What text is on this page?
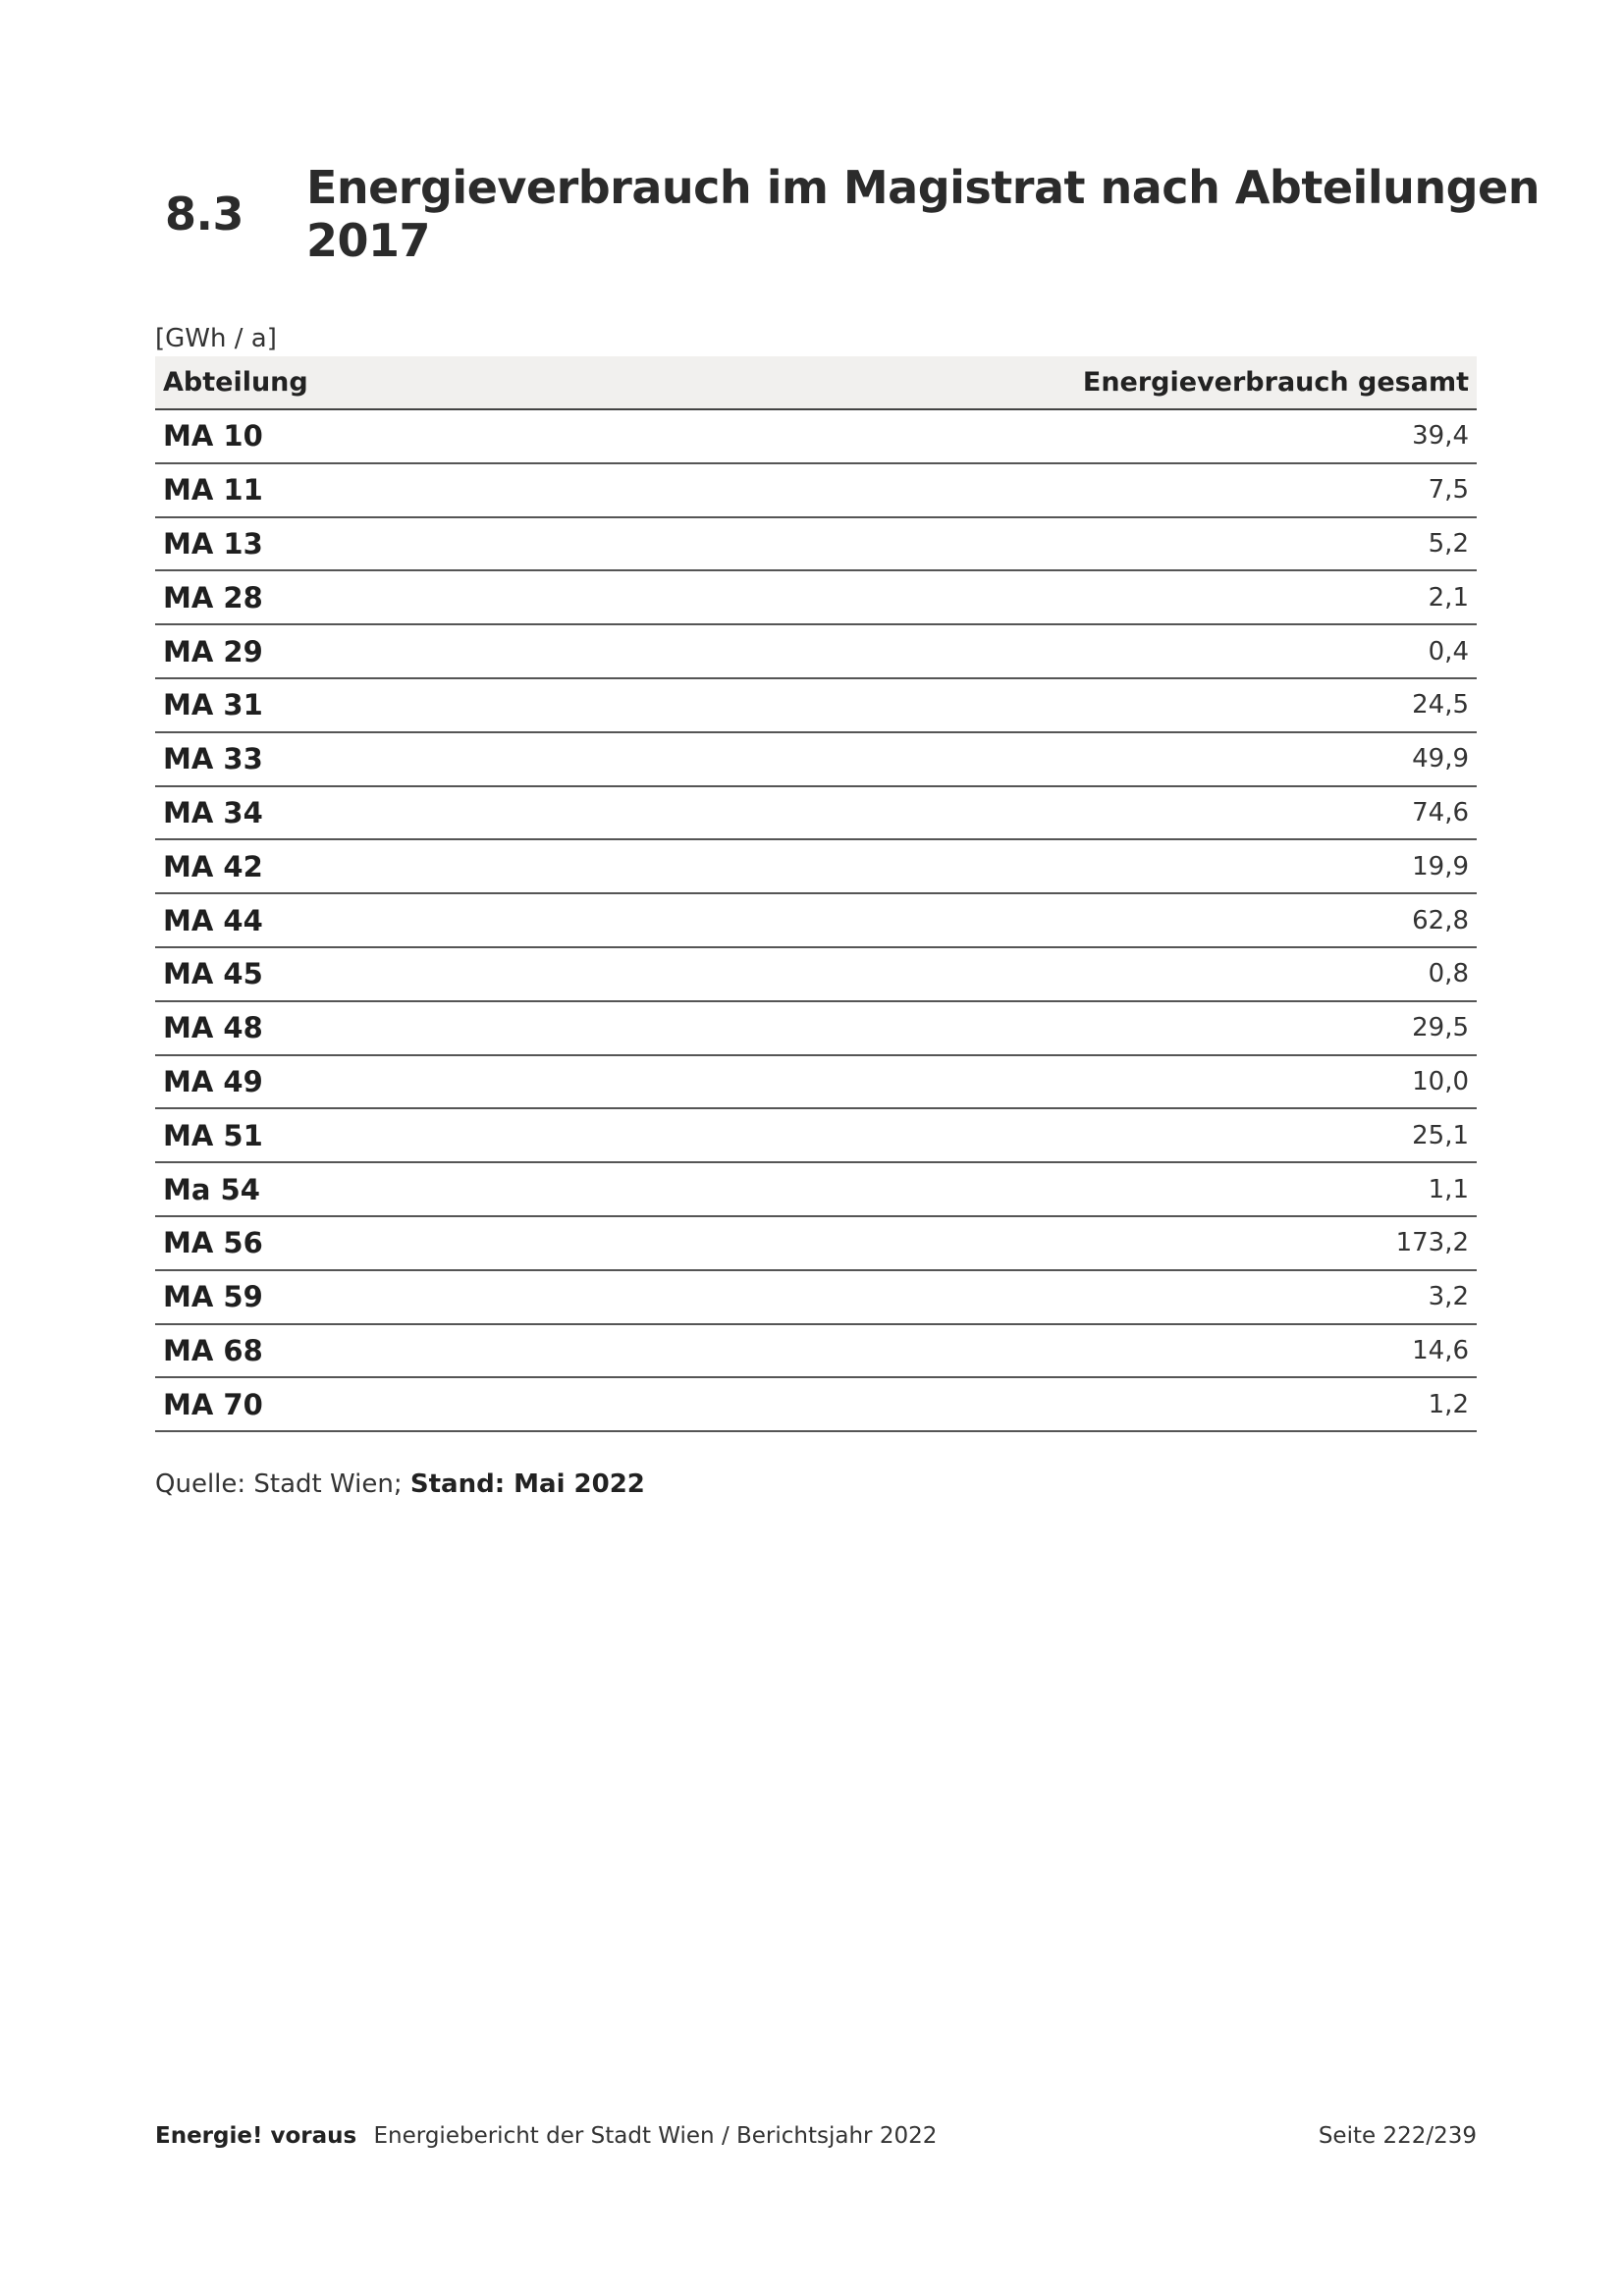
8.3	Energieverbrauch im Magistrat nach Abteilungen 2017
[GWh / a]
Abteilung	Energieverbrauch gesamt
MA 10	39,4
MA 11	7,5
MA 13	5,2
MA 28	2,1
MA 29	0,4
MA 31	24,5
MA 33	49,9
MA 34	74,6
MA 42	19,9
MA 44	62,8
MA 45	0,8
MA 48	29,5
MA 49	10,0
MA 51	25,1
Ma 54	1,1
MA 56	173,2
MA 59	3,2
MA 68	14,6
MA 70	1,2
Quelle: Stadt Wien; Stand: Mai 2022
Energie! voraus Energiebericht der Stadt Wien / Berichtsjahr 2022	Seite 222/239
